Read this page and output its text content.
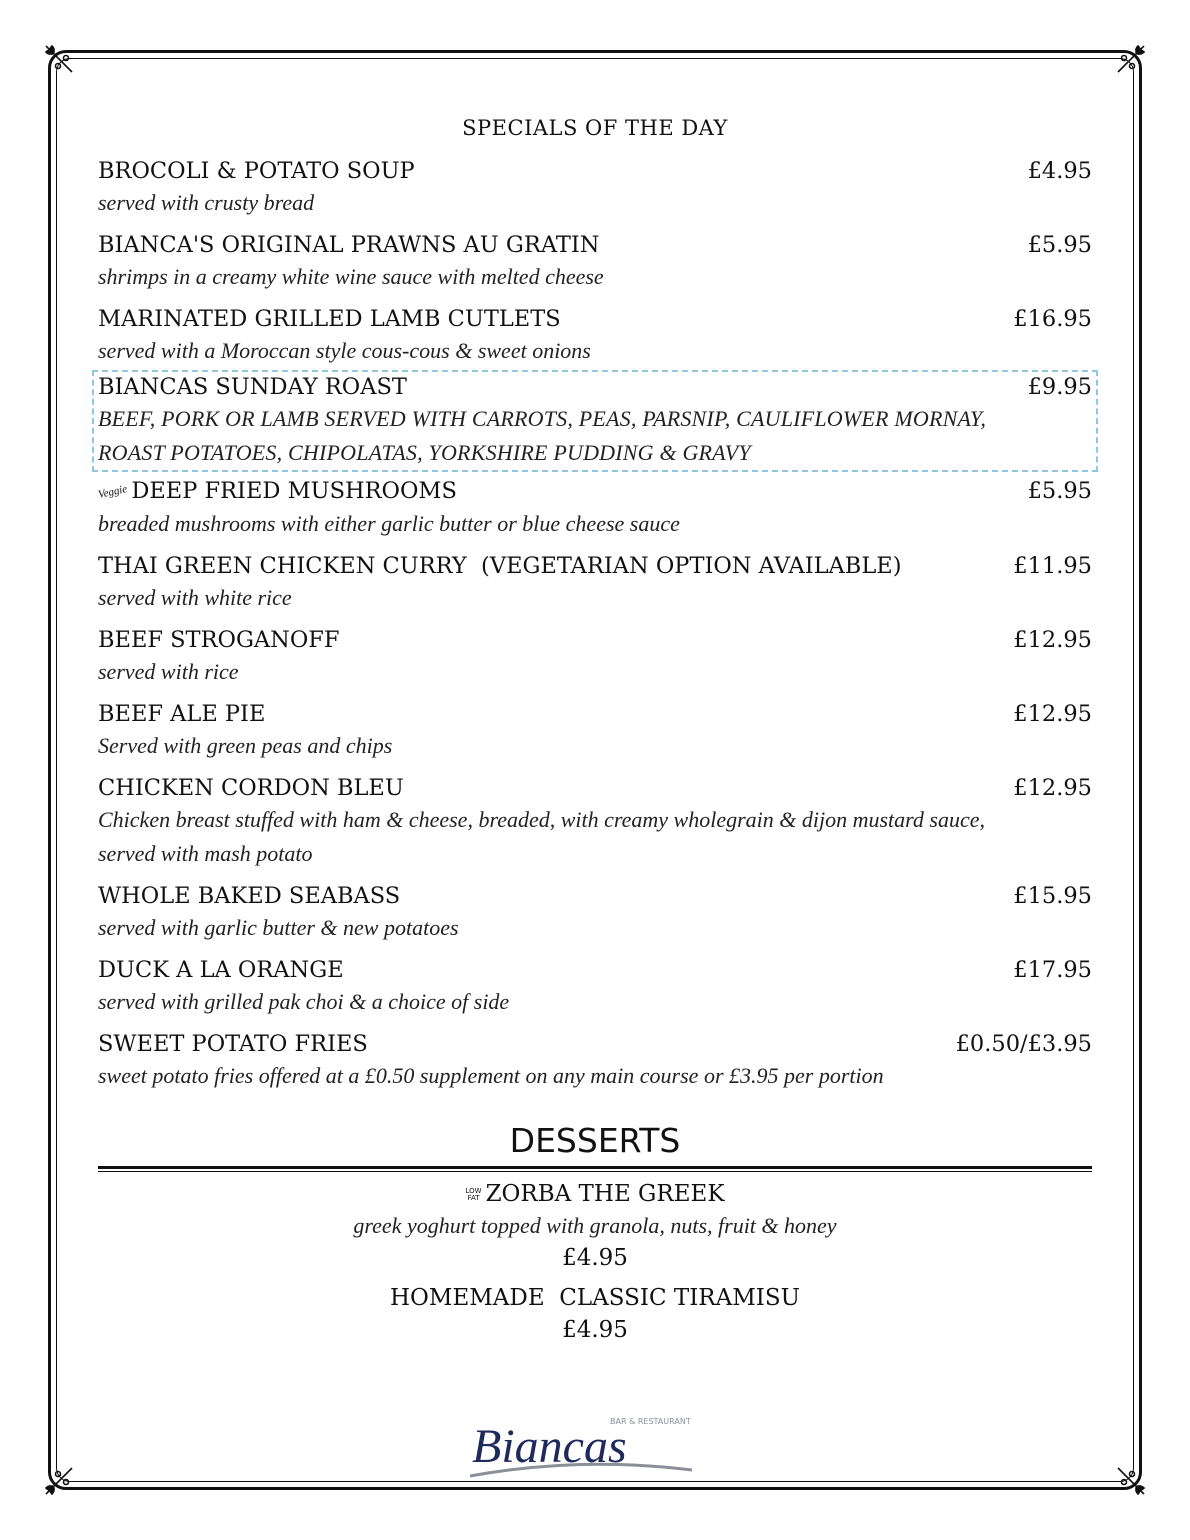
SPECIALS OF THE DAY
BROCOLI & POTATO SOUP	£4.95
served with crusty bread
BIANCA'S ORIGINAL PRAWNS AU GRATIN	£5.95
shrimps in a creamy white wine sauce with melted cheese
MARINATED GRILLED LAMB CUTLETS	£16.95
served with a Moroccan style cous-cous & sweet onions
BIANCAS SUNDAY ROAST	£9.95
BEEF, PORK OR LAMB SERVED WITH CARROTS, PEAS, PARSNIP, CAULIFLOWER MORNAY, ROAST POTATOES, CHIPOLATAS, YORKSHIRE PUDDING & GRAVY
Veggie DEEP FRIED MUSHROOMS	£5.95
breaded mushrooms with either garlic butter or blue cheese sauce
THAI GREEN CHICKEN CURRY  (VEGETARIAN OPTION AVAILABLE)	£11.95
served with white rice
BEEF STROGANOFF	£12.95
served with rice
BEEF ALE PIE	£12.95
Served with green peas and chips
CHICKEN CORDON BLEU	£12.95
Chicken breast stuffed with ham & cheese, breaded, with creamy wholegrain & dijon mustard sauce, served with mash potato
WHOLE BAKED SEABASS	£15.95
served with garlic butter & new potatoes
DUCK A LA ORANGE	£17.95
served with grilled pak choi & a choice of side
SWEET POTATO FRIES	£0.50/£3.95
sweet potato fries offered at a £0.50 supplement on any main course or £3.95 per portion
DESSERTS
LOW
FAT ZORBA THE GREEK
greek yoghurt topped with granola, nuts, fruit & honey
£4.95
HOMEMADE  CLASSIC TIRAMISU
£4.95
BAR & RESTAURANT
Biancas
